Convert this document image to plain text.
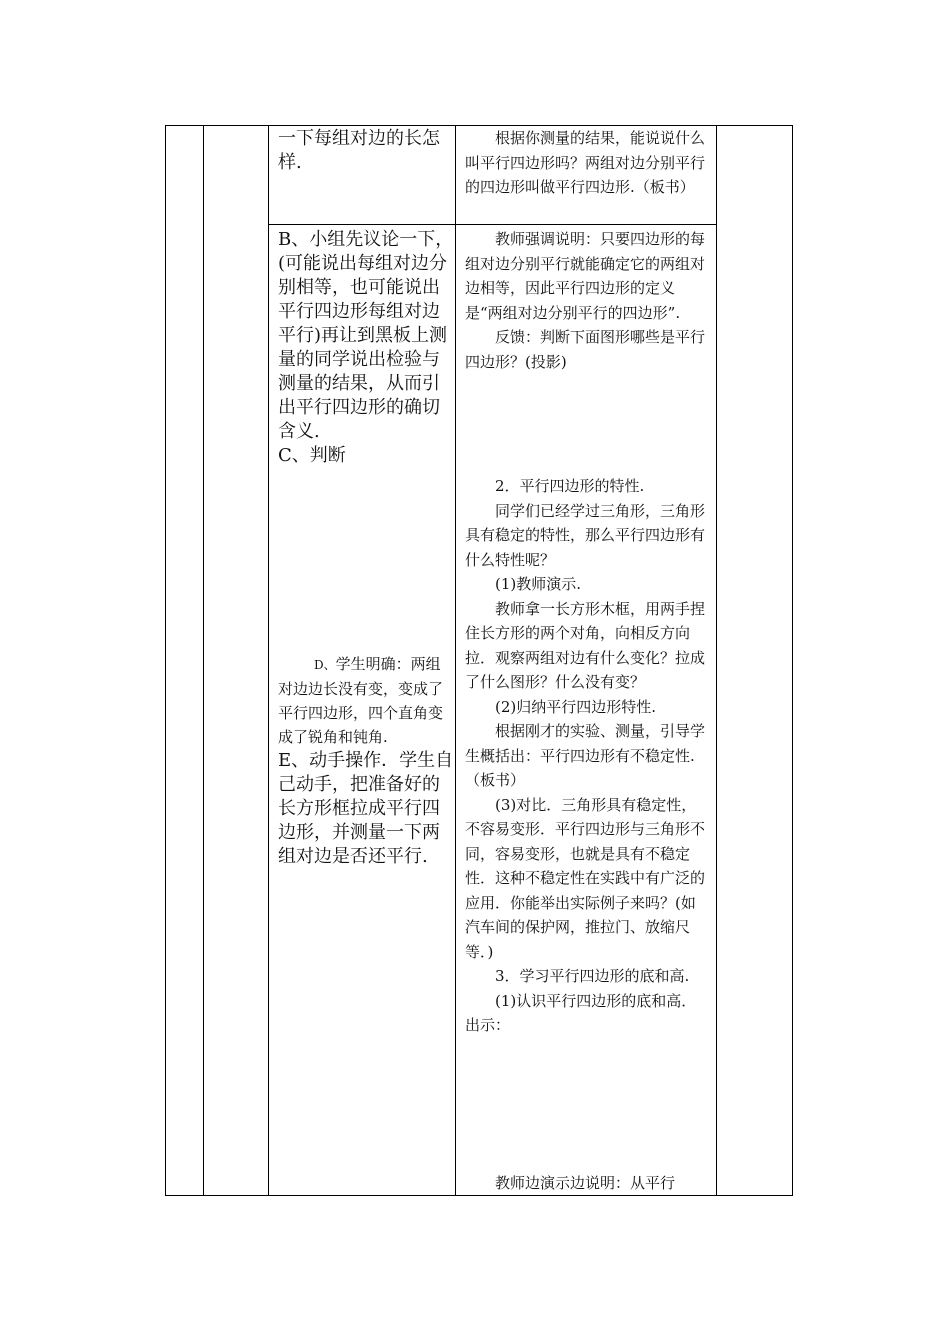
一下每组对边的长怎样.

根据你测量的结果，能说说什么叫平行四边形吗？两组对边分别平行的四边形叫做平行四边形.（板书）

B、小组先议论一下，(可能说出每组对边分别相等，也可能说出平行四边形每组对边平行)再让到黑板上测量的同学说出检验与测量的结果，从而引出平行四边形的确切含义.

C、判断

D、学生明确：两组对边边长没有变，变成了平行四边形，四个直角变成了锐角和钝角.

E、动手操作．学生自己动手，把准备好的长方形框拉成平行四边形，并测量一下两组对边是否还平行.

教师强调说明：只要四边形的每组对边分别平行就能确定它的两组对边相等，因此平行四边形的定义是“两组对边分别平行的四边形”.

反馈：判断下面图形哪些是平行四边形？(投影)

2．平行四边形的特性.

同学们已经学过三角形，三角形具有稳定的特性，那么平行四边形有什么特性呢？

(1)教师演示.

教师拿一长方形木框，用两手捏住长方形的两个对角，向相反方向拉．观察两组对边有什么变化？拉成了什么图形？什么没有变？

(2)归纳平行四边形特性.

根据刚才的实验、测量，引导学生概括出：平行四边形有不稳定性.（板书）

(3)对比．三角形具有稳定性，不容易变形．平行四边形与三角形不同，容易变形，也就是具有不稳定性．这种不稳定性在实践中有广泛的应用．你能举出实际例子来吗？(如汽车间的保护网，推拉门、放缩尺等．)

3．学习平行四边形的底和高.

(1)认识平行四边形的底和高．出示：

教师边演示边说明：从平行
